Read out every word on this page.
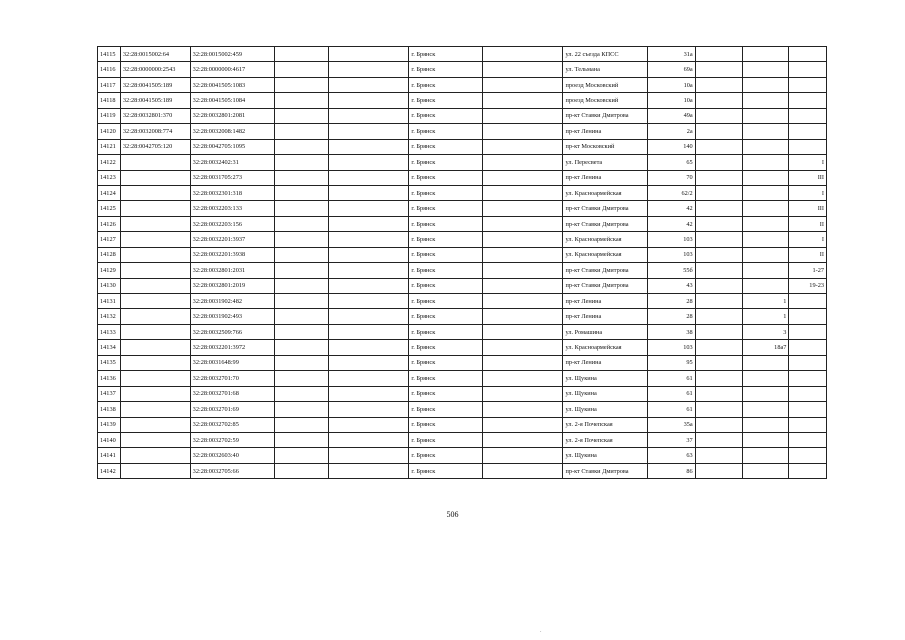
14115	32:28:0015002:64	32:28:0015002:459			г. Брянск		ул. 22 съезда КПСС	31а			
14116	32:28:0000000:2543	32:28:0000000:4617			г. Брянск		ул. Тельмана	69а			
14117	32:28:0041505:189	32:28:0041505:1083			г. Брянск		проезд Московский	10а			
14118	32:28:0041505:189	32:28:0041505:1084			г. Брянск		проезд Московский	10а			
14119	32:28:0032801:370	32:28:0032801:2081			г. Брянск		пр-кт Ставки Дмитрова	49а			
14120	32:28:0032008:774	32:28:0032008:1482			г. Брянск		пр-кт Ленина	2а			
14121	32:28:0042705:120	32:28:0042705:1095			г. Брянск		пр-кт Московский	140			
14122		32:28:0032402:31			г. Брянск		ул. Пересвета	65			I
14123		32:28:0031705:273			г. Брянск		пр-кт Ленина	70			III
14124		32:28:0032301:318			г. Брянск		ул. Красноармейская	62/2			I
14125		32:28:0032203:133			г. Брянск		пр-кт Ставки Дмитрова	42			III
14126		32:28:0032203:156			г. Брянск		пр-кт Ставки Дмитрова	42			II
14127		32:28:0032201:3937			г. Брянск		ул. Красноармейская	103			I
14128		32:28:0032201:3938			г. Брянск		ул. Красноармейская	103			II
14129		32:28:0032801:2031			г. Брянск		пр-кт Ставки Дмитрова	55б			1-27
14130		32:28:0032801:2019			г. Брянск		пр-кт Ставки Дмитрова	43			19-23
14131		32:28:0031902:482			г. Брянск		пр-кт Ленина	28		1	
14132		32:28:0031902:493			г. Брянск		пр-кт Ленина	28		1	
14133		32:28:0032509:766			г. Брянск		ул. Ромашина	38		3	
14134		32:28:0032201:3972			г. Брянск		ул. Красноармейская	103		18а7	
14135		32:28:0031648:99			г. Брянск		пр-кт Ленина	95			
14136		32:28:0032701:70			г. Брянск		ул. Щукина	61			
14137		32:28:0032701:68			г. Брянск		ул. Щукина	61			
14138		32:28:0032701:69			г. Брянск		ул. Щукина	61			
14139		32:28:0032702:85			г. Брянск		ул. 2-я Почепская	35а			
14140		32:28:0032702:59			г. Брянск		ул. 2-я Почепская	37			
14141		32:28:0032603:40			г. Брянск		ул. Щукина	63			
14142		32:28:0032705:66			г. Брянск		пр-кт Ставки Дмитрова	86			
506
.
